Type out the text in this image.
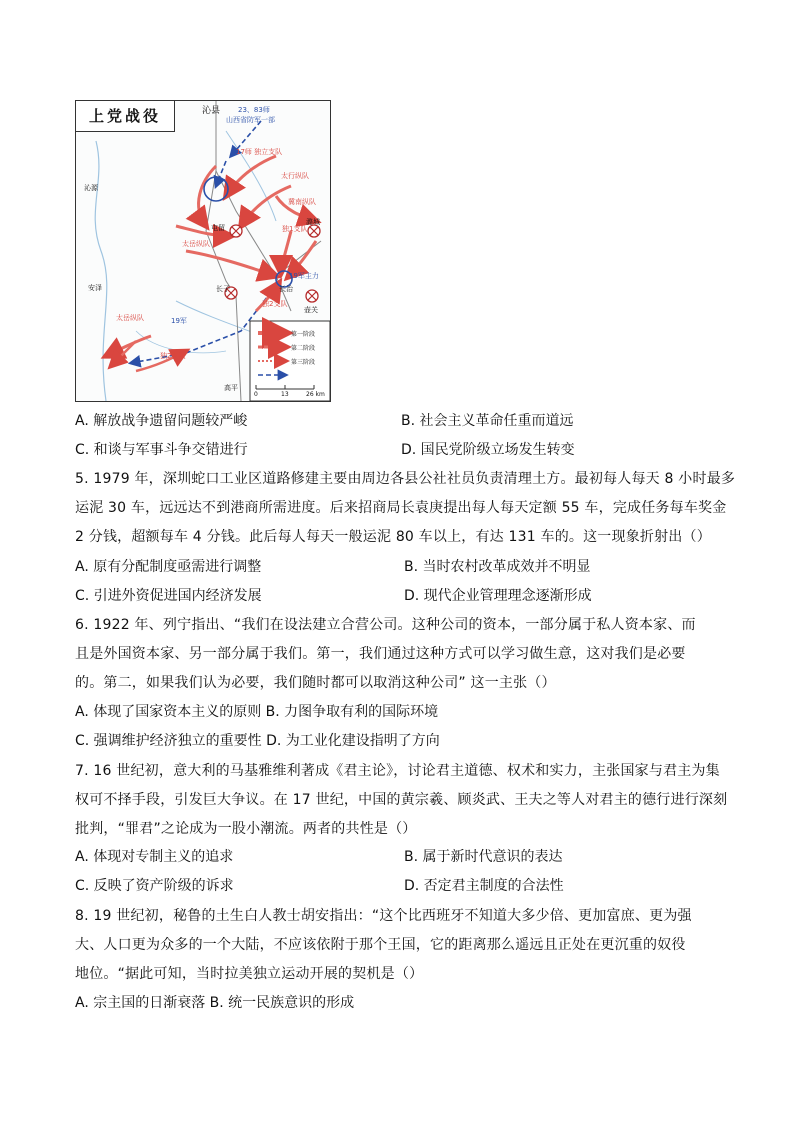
上党战役	沁县	23、83师
山西省防军一部
17师 独立支队
太行纵队
冀南纵队
独1支队
潞城
屯留
太岳纵队
19军主力
长治
长子
独2支队
壶关
沁源
安泽
19军
太岳纵队
独2支队
高平
第一阶段
第二阶段
第三阶段
0	13	26 km
A. 解放战争遗留问题较严峻	B. 社会主义革命任重而道远
C. 和谈与军事斗争交错进行	D. 国民党阶级立场发生转变
5. 1979 年，深圳蛇口工业区道路修建主要由周边各县公社社员负责清理土方。最初每人每天 8 小时最多
运泥 30 车，远远达不到港商所需进度。后来招商局长袁庚提出每人每天定额 55 车，完成任务每车奖金
2 分钱，超额每车 4 分钱。此后每人每天一般运泥 80 车以上，有达 131 车的。这一现象折射出（）
A. 原有分配制度亟需进行调整	B. 当时农村改革成效并不明显
C. 引进外资促进国内经济发展	D. 现代企业管理理念逐渐形成
6. 1922 年、列宁指出、“我们在设法建立合营公司。这种公司的资本，一部分属于私人资本家、而
且是外国资本家、另一部分属于我们。第一，我们通过这种方式可以学习做生意，这对我们是必要
的。第二，如果我们认为必要，我们随时都可以取消这种公司” 这一主张（）
A. 体现了国家资本主义的原则 B. 力图争取有利的国际环境
C. 强调维护经济独立的重要性 D. 为工业化建设指明了方向
7. 16 世纪初，意大利的马基雅维利著成《君主论》，讨论君主道德、权术和实力，主张国家与君主为集
权可不择手段，引发巨大争议。在 17 世纪，中国的黄宗羲、顾炎武、王夫之等人对君主的德行进行深刻
批判，“罪君”之论成为一股小潮流。两者的共性是（）
A. 体现对专制主义的追求	B. 属于新时代意识的表达
C. 反映了资产阶级的诉求	D. 否定君主制度的合法性
8. 19 世纪初，秘鲁的土生白人教士胡安指出：“这个比西班牙不知道大多少倍、更加富庶、更为强
大、人口更为众多的一个大陆，不应该依附于那个王国，它的距离那么遥远且正处在更沉重的奴役
地位。“据此可知，当时拉美独立运动开展的契机是（）
A. 宗主国的日渐衰落 B. 统一民族意识的形成
